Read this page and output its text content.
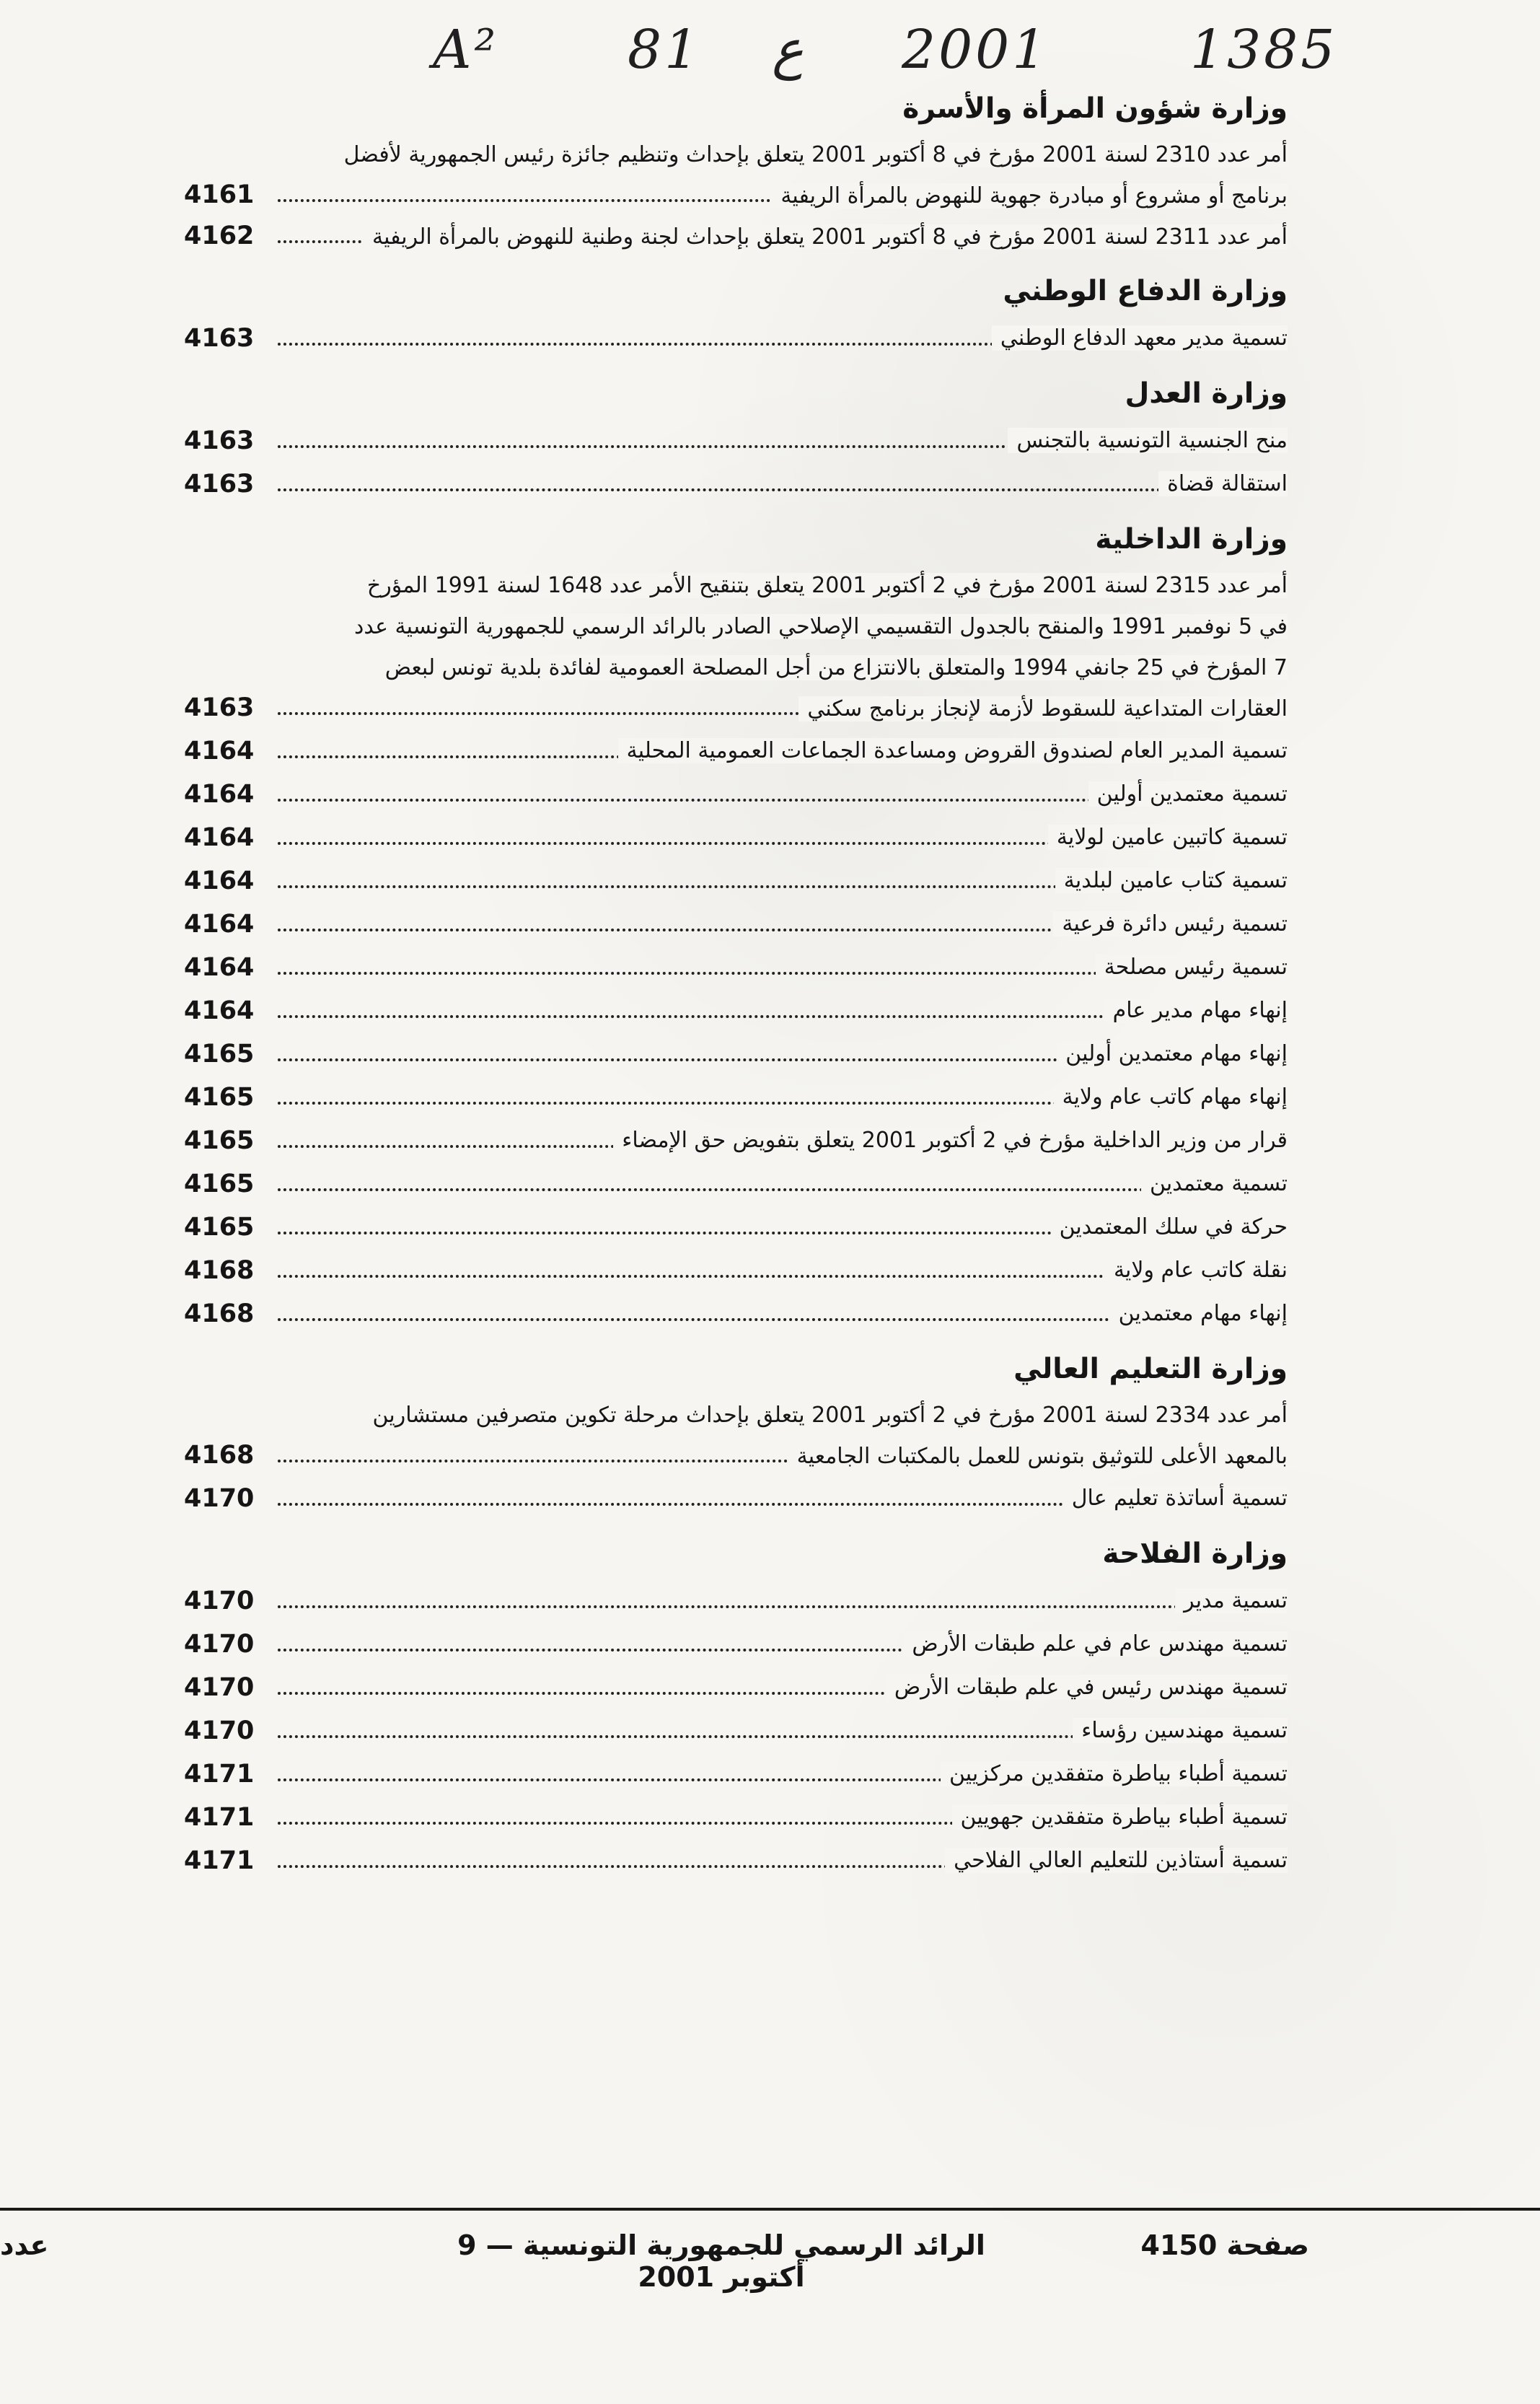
A² 81 ع 2001	1385
وزارة شؤون المرأة والأسرة
أمر عدد 2310 لسنة 2001 مؤرخ في 8 أكتوبر 2001 يتعلق بإحداث وتنظيم جائزة رئيس الجمهورية لأفضل برنامج أو مشروع أو مبادرة جهوية للنهوض بالمرأة الريفية
4161
أمر عدد 2311 لسنة 2001 مؤرخ في 8 أكتوبر 2001 يتعلق بإحداث لجنة وطنية للنهوض بالمرأة الريفية
4162
وزارة الدفاع الوطني
تسمية مدير معهد الدفاع الوطني
4163
وزارة العدل
منح الجنسية التونسية بالتجنس
4163
استقالة قضاة
4163
وزارة الداخلية
أمر عدد 2315 لسنة 2001 مؤرخ في 2 أكتوبر 2001 يتعلق بتنقيح الأمر عدد 1648 لسنة 1991 المؤرخ في 5 نوفمبر 1991 والمنقح بالجدول التقسيمي الإصلاحي الصادر بالرائد الرسمي للجمهورية التونسية عدد 7 المؤرخ في 25 جانفي 1994 والمتعلق بالانتزاع من أجل المصلحة العمومية لفائدة بلدية تونس لبعض العقارات المتداعية للسقوط لأزمة لإنجاز برنامج سكني
4163
تسمية المدير العام لصندوق القروض ومساعدة الجماعات العمومية المحلية
4164
تسمية معتمدين أولين
4164
تسمية كاتبين عامين لولاية
4164
تسمية كتاب عامين لبلدية
4164
تسمية رئيس دائرة فرعية
4164
تسمية رئيس مصلحة
4164
إنهاء مهام مدير عام
4164
إنهاء مهام معتمدين أولين
4165
إنهاء مهام كاتب عام ولاية
4165
قرار من وزير الداخلية مؤرخ في 2 أكتوبر 2001 يتعلق بتفويض حق الإمضاء
4165
تسمية معتمدين
4165
حركة في سلك المعتمدين
4165
نقلة كاتب عام ولاية
4168
إنهاء مهام معتمدين
4168
وزارة التعليم العالي
أمر عدد 2334 لسنة 2001 مؤرخ في 2 أكتوبر 2001 يتعلق بإحداث مرحلة تكوين متصرفين مستشارين بالمعهد الأعلى للتوثيق بتونس للعمل بالمكتبات الجامعية
4168
تسمية أساتذة تعليم عال
4170
وزارة الفلاحة
تسمية مدير
4170
تسمية مهندس عام في علم طبقات الأرض
4170
تسمية مهندس رئيس في علم طبقات الأرض
4170
تسمية مهندسين رؤساء
4170
تسمية أطباء بياطرة متفقدين مركزيين
4171
تسمية أطباء بياطرة متفقدين جهويين
4171
تسمية أستاذين للتعليم العالي الفلاحي
4171
صفحة 4150
الرائد الرسمي للجمهورية التونسية — 9 أكتوبر 2001
عدد
